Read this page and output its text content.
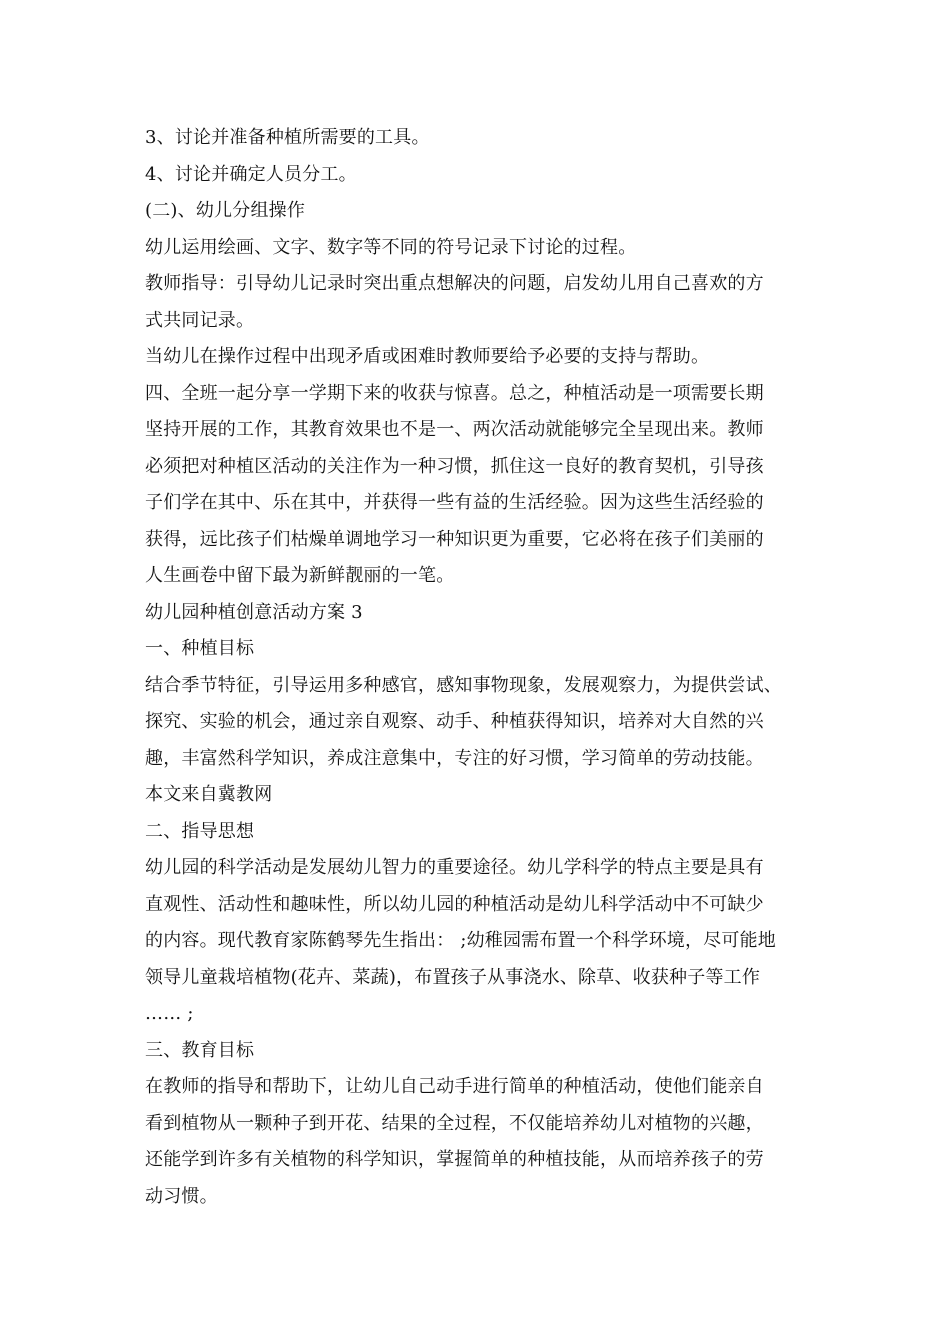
3、讨论并准备种植所需要的工具。
4、讨论并确定人员分工。
(二)、幼儿分组操作
幼儿运用绘画、文字、数字等不同的符号记录下讨论的过程。
教师指导：引导幼儿记录时突出重点想解决的问题，启发幼儿用自己喜欢的方
式共同记录。
当幼儿在操作过程中出现矛盾或困难时教师要给予必要的支持与帮助。
四、全班一起分享一学期下来的收获与惊喜。总之，种植活动是一项需要长期
坚持开展的工作，其教育效果也不是一、两次活动就能够完全呈现出来。教师
必须把对种植区活动的关注作为一种习惯，抓住这一良好的教育契机，引导孩
子们学在其中、乐在其中，并获得一些有益的生活经验。因为这些生活经验的
获得，远比孩子们枯燥单调地学习一种知识更为重要，它必将在孩子们美丽的
人生画卷中留下最为新鲜靓丽的一笔。
幼儿园种植创意活动方案 3
一、种植目标
结合季节特征，引导运用多种感官，感知事物现象，发展观察力，为提供尝试、
探究、实验的机会，通过亲自观察、动手、种植获得知识，培养对大自然的兴
趣，丰富然科学知识，养成注意集中，专注的好习惯，学习简单的劳动技能。
本文来自冀教网
二、指导思想
幼儿园的科学活动是发展幼儿智力的重要途径。幼儿学科学的特点主要是具有
直观性、活动性和趣味性，所以幼儿园的种植活动是幼儿科学活动中不可缺少
的内容。现代教育家陈鹤琴先生指出： ;幼稚园需布置一个科学环境，尽可能地
领导儿童栽培植物(花卉、菜蔬)，布置孩子从事浇水、除草、收获种子等工作
…… ;
三、教育目标
在教师的指导和帮助下，让幼儿自己动手进行简单的种植活动，使他们能亲自
看到植物从一颗种子到开花、结果的全过程，不仅能培养幼儿对植物的兴趣，
还能学到许多有关植物的科学知识，掌握简单的种植技能，从而培养孩子的劳
动习惯。
